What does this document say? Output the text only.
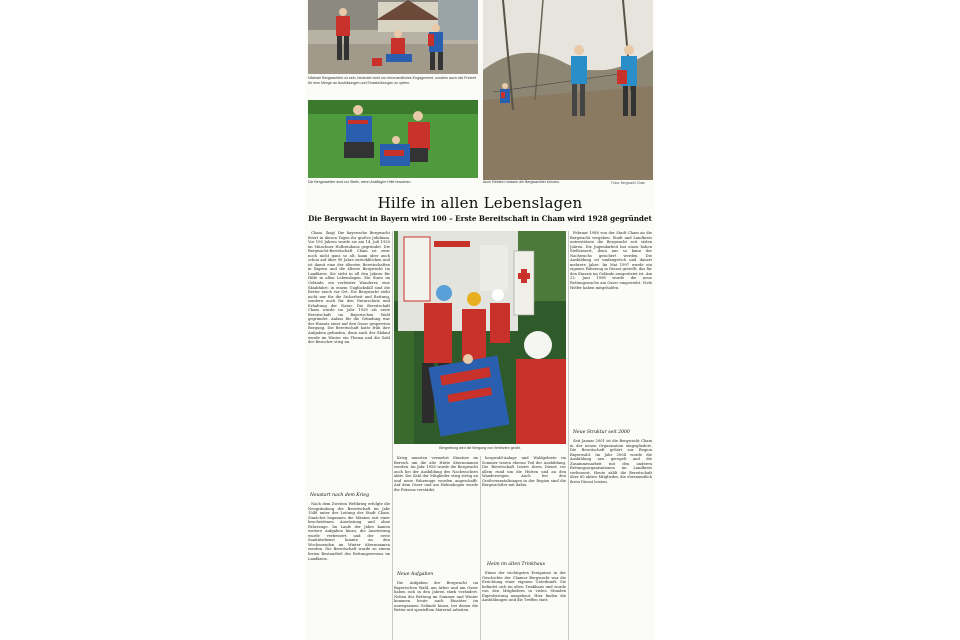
Nächste Bergwachtler zu sein, bedeutet nicht nur ehrenamtliches Engagement, sondern auch viel Freizeit für eine Menge an Ausbildungen und Einsatzübungen zu opfern.
Die Bergwachtler sind zur Stelle, wenn Ausflügler Hilfe brauchen.	Auch Einfahrt müssen die Bergwachtler können.	Fotos: Bergwacht Cham
Hilfe in allen Lebenslagen
Die Bergwacht in Bayern wird 100 – Erste Bereitschaft in Cham wird 1928 gegründet
Bergrettung wird die Bergung von Verletzten geübt.

Cham. (kap) Die bayerische Bergwacht feiert in diesen Tagen ihr großes Jubiläum. Vor 100 Jahren wurde sie am 14. Juli 1920 im Münchner Hofbräuhaus gegründet. Die Bergwacht-Bereitschaft Cham ist zwar noch nicht ganz so alt, kann aber auch schon auf über 90 Jahre zurückblicken und ist damit eine der ältesten Bereitschaften in Bayern und die älteste Bergwacht im Landkreis. Sie steht in all den Jahren für Hilfe in allen Lebenslagen. Ein Sturz im Gelände, ein verletzter Wanderer, eine Skiabfahrt: in einem Unglücksfall sind die Retter rasch vor Ort. Die Bergwacht steht nicht nur für die Sicherheit und Rettung, sondern auch für den Naturschutz und Erhaltung der Natur. Die Bereitschaft Cham wurde im Jahr 1928 als erste Bereitschaft im Bayerischen Wald gegründet. Anlass für die Gründung war der Einsatz einer auf den Osser gesperrten Bergung. Die Bereitschaft hatte früh ihre Aufgaben gefunden, denn auch der Skilauf wurde im Winter ein Thema und die Zahl der Besucher stieg an.

Neustart nach dem Krieg

Nach dem Zweiten Weltkrieg erfolgte die Neugründung der Bereitschaft im Jahr 1948 unter der Leitung der Stadt Cham. Zunächst begannen die Männer mit einer bescheidenen Ausrüstung und ohne Fahrzeuge. Im Laufe der Jahre kamen weitere Aufgaben hinzu, die Ausrüstung wurde verbessert und der erste Sanitätsdienst konnte an den Wochenenden im Winter übernommen werden. Die Bereitschaft wurde zu einem festen Bestandteil des Rettungswesens im Landkreis.

Krieg mussten vermehrt Einsätze im Bereich um die alte Hütte übernommen werden. Im Jahr 1958 wurde die Bergwacht auch bei der Ausbildung des Nachwuchses aktiv. Die Zahl der Mitglieder stieg stetig an und neue Fahrzeuge wurden angeschafft. Auf dem Osser und am Hohenbogen wurde die Präsenz verstärkt.

Neue Aufgaben

Die Aufgaben der Bergwacht im Bayerischen Wald, am Arber und am Osser haben sich in den Jahren stark verändert. Neben der Rettung im Sommer und Winter kommen heute auch Einsätze im unwegsamen Gelände hinzu, bei denen die Retter mit speziellem Material arbeiten.

bergwald-Anlage und Waldgebiete im Sommer waren ebenso Teil der Ausbildung. Die Bereitschaft leistet ihren Dienst vor allem rund um die Hütten und an den Wanderwegen. Auch bei den Großveranstaltungen in der Region sind die Bergwachtler mit dabei.

Heim im alten Trinkhaus

Einen der wichtigsten Ereignisse in der Geschichte der Chamer Bergwacht war die Errichtung einer eigenen Unterkunft. Sie befindet sich im alten Trinkhaus und wurde von den Mitgliedern in vielen Stunden Eigenleistung ausgebaut. Hier finden die Ausbildungen und die Treffen statt.

Februar 1988 von der Stadt Cham an die Bergwacht vergeben. Stadt und Landkreis unterstützen die Bergwacht seit vielen Jahren. Die Jugendarbeit hat einen hohen Stellenwert, denn nur so kann der Nachwuchs gesichert werden. Die Ausbildung ist umfangreich und dauert mehrere Jahre. Im Mai 1997 wurde ein eigenes Fahrzeug in Dienst gestellt, das für den Einsatz im Gelände ausgerüstet ist. Am 22. Juni 1998 wurde die neue Rettungswache am Osser eingeweiht. Viele Helfer haben mitgeholfen.

Neue Struktur seit 2000

Seit Januar 2001 ist die Bergwacht Cham in der neuen Organisation eingegliedert. Die Bereitschaft gehört zur Region Bayerwald. Im Jahr 2004 wurde die Ausbildung neu geregelt und die Zusammenarbeit mit den anderen Rettungsorganisationen im Landkreis verbessert. Heute zählt die Bereitschaft über 60 aktive Mitglieder, die ehrenamtlich ihren Dienst leisten.
